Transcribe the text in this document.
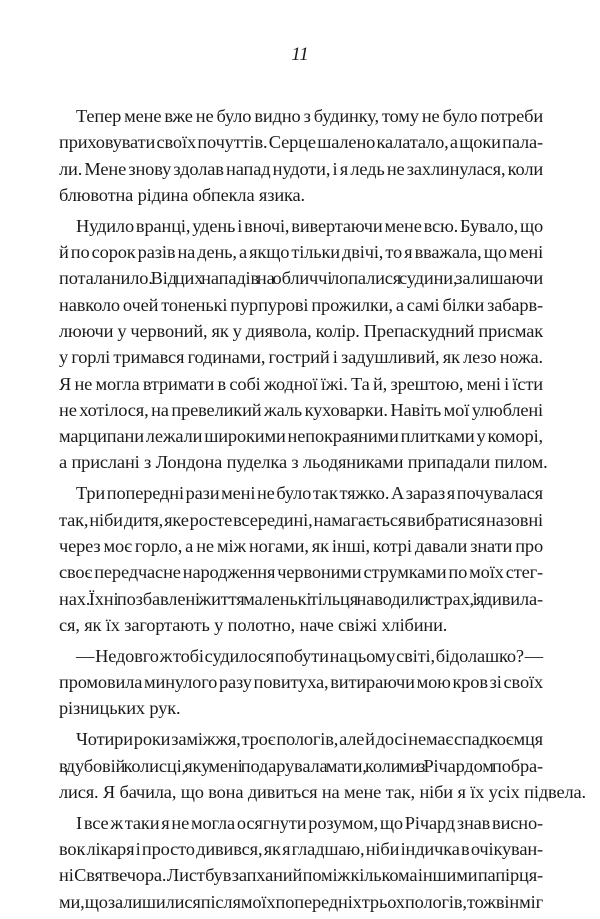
11
Тепер мене вже не було видно з будинку, тому не було потреби
приховувати своїх почуттів. Серце шалено калатало, а щоки пала-
ли. Мене знову здолав напад нудоти, і я ледь не захлинулася, коли
блювотна рідина обпекла язика.
Нудило вранці, удень і вночі, вивертаючи мене всю. Бувало, що
й по сорок разів на день, а якщо тільки двічі, то я вважала, що мені
поталанило. Від цих нападів на обличчі лопалися судини, залишаючи
навколо очей тоненькі пурпурові прожилки, а самі білки забарв-
люючи у червоний, як у диявола, колір. Препаскудний присмак
у горлі тримався годинами, гострий і задушливий, як лезо ножа.
Я не могла втримати в собі жодної їжі. Та й, зрештою, мені і їсти
не хотілося, на превеликий жаль куховарки. Навіть мої улюблені
марципани лежали широкими непокраяними плитками у коморі,
а прислані з Лондона пуделка з льодяниками припадали пилом.
Три попередні рази мені не було так тяжко. А зараз я почувалася
так, ніби дитя, яке росте всередині, намагається вибратися назовні
через моє горло, а не між ногами, як інші, котрі давали знати про
своє передчасне народження червоними струмками по моїх стег-
нах. Їхні позбавлені життя маленькі тільця наводили страх, і я дивила-
ся, як їх загортають у полотно, наче свіжі хлібини.
— Недовго ж тобі судилося побути на цьому світі, бідолашко? —
промовила минулого разу повитуха, витираючи мою кров зі своїх
різницьких рук.
Чотири роки заміжжя, троє пологів, але й досі немає спадкоємця
в дубовій колисці, яку мені подарувала мати, коли ми з Річардом побра-
лися. Я бачила, що вона дивиться на мене так, ніби я їх усіх підвела.
І все ж таки я не могла осягнути розумом, що Річард знав висно-
вок лікаря і просто дивився, як я гладшаю, ніби індичка в очікуван-
ні Святвечора. Лист був запханий поміж кількома іншими папірця-
ми, що залишилися після моїх попередніх трьох пологів, тож він міг
